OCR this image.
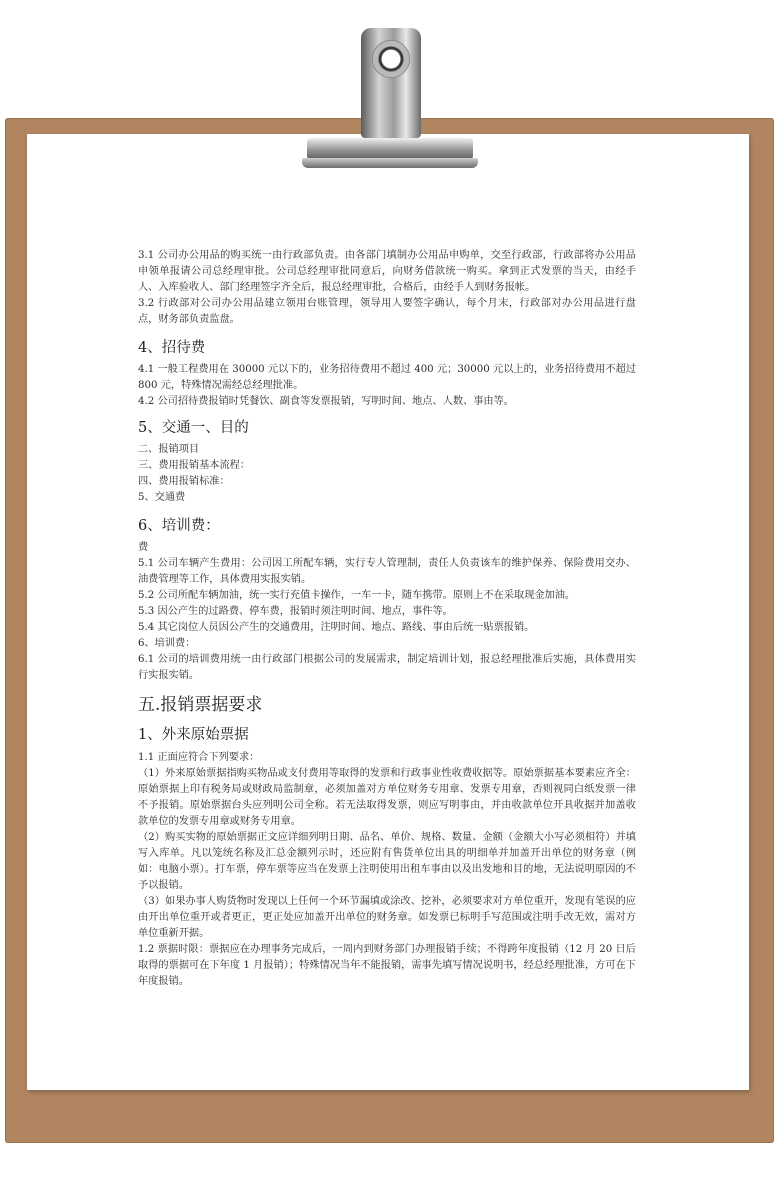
3.1 公司办公用品的购买统一由行政部负责。由各部门填制办公用品申购单，交至行政部，行政部将办公用品申领单报请公司总经理审批。公司总经理审批同意后，向财务借款统一购买。拿到正式发票的当天，由经手人、入库验收人、部门经理签字齐全后，报总经理审批，合格后，由经手人到财务报帐。

3.2 行政部对公司办公用品建立领用台账管理，领导用人要签字确认，每个月末，行政部对办公用品进行盘点，财务部负责监盘。

4、招待费

4.1 一般工程费用在 30000 元以下的，业务招待费用不超过 400 元；30000 元以上的，业务招待费用不超过 800 元，特殊情况需经总经理批准。

4.2 公司招待费报销时凭餐饮、副食等发票报销，写明时间、地点、人数、事由等。

5、交通一、目的

二、报销项目

三、费用报销基本流程：

四、费用报销标准：

5、交通费

6、培训费：

费

5.1 公司车辆产生费用：公司因工所配车辆，实行专人管理制，责任人负责该车的维护保养、保险费用交办、油费管理等工作，具体费用实报实销。

5.2 公司所配车辆加油，统一实行充值卡操作，一车一卡，随车携带。原则上不在采取现金加油。

5.3 因公产生的过路费、停车费，报销时须注明时间、地点，事件等。

5.4 其它岗位人员因公产生的交通费用，注明时间、地点、路线、事由后统一贴票报销。

6、培训费：

6.1 公司的培训费用统一由行政部门根据公司的发展需求，制定培训计划，报总经理批准后实施，具体费用实行实报实销。

五.报销票据要求
1、外来原始票据

1.1 正面应符合下列要求：

（1）外来原始票据指购买物品或支付费用等取得的发票和行政事业性收费收据等。原始票据基本要素应齐全：原始票据上印有税务局或财政局监制章，必须加盖对方单位财务专用章、发票专用章，否则视同白纸发票一律不予报销。原始票据台头应列明公司全称。若无法取得发票，则应写明事由，并由收款单位开具收据并加盖收款单位的发票专用章或财务专用章。

（2）购买实物的原始票据正文应详细列明日期、品名、单价、规格、数量、金额（金额大小写必须相符）并填写入库单。凡以笼统名称及汇总金额列示时，还应附有售货单位出具的明细单并加盖开出单位的财务章（例如：电脑小票）。打车票，停车票等应当在发票上注明使用出租车事由以及出发地和目的地，无法说明原因的不予以报销。

（3）如果办事人购货物时发现以上任何一个环节漏填或涂改、挖补，必须要求对方单位重开，发现有笔误的应由开出单位重开或者更正，更正处应加盖开出单位的财务章。如发票已标明手写范围或注明手改无效，需对方单位重新开据。

1.2 票据时限：票据应在办理事务完成后，一周内到财务部门办理报销手续；不得跨年度报销（12 月 20 日后取得的票据可在下年度 1 月报销）；特殊情况当年不能报销，需事先填写情况说明书，经总经理批准，方可在下年度报销。
